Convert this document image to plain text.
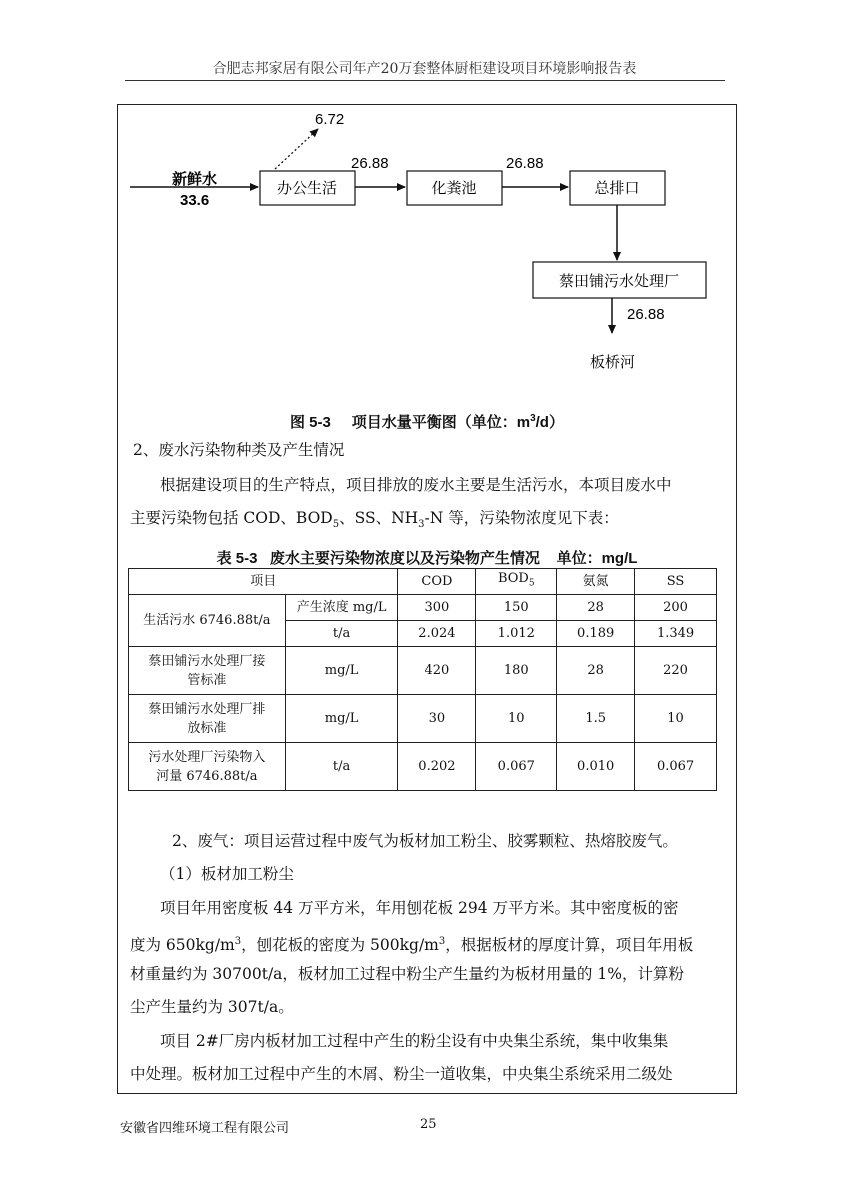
合肥志邦家居有限公司年产20万套整体厨柜建设项目环境影响报告表
新鲜水
33.6
办公生活
6.72
26.88
化粪池
26.88
总排口
蔡田铺污水处理厂
26.88
板桥河
图 5-3 项目水量平衡图（单位：$m^3/d$）
2、废水污染物种类及产生情况
根据建设项目的生产特点，项目排放的废水主要是生活污水，本项目废水中
主要污染物包括 COD、$BOD_5$、SS、$NH_3-N$ 等，污染物浓度见下表：
表 5-3   废水主要污染物浓度以及污染物产生情况    单位：mg/L
项目		COD	$BOD_5$	氨氮	SS
生活污水 6746.88t/a	产生浓度 mg/L	300	150	28	200
	t/a	2.024	1.012	0.189	1.349
蔡田铺污水处理厂接
管标准	mg/L	420	180	28	220
蔡田铺污水处理厂排
放标准	mg/L	30	10	1.5	10
污水处理厂污染物入
河量 6746.88t/a	t/a	0.202	0.067	0.010	0.067
2、废气：项目运营过程中废气为板材加工粉尘、胶雾颗粒、热熔胶废气。
（1）板材加工粉尘
项目年用密度板 44 万平方米，年用刨花板 294 万平方米。其中密度板的密
度为 $650kg/m^3$，刨花板的密度为 $500kg/m^3$，根据板材的厚度计算，项目年用板
材重量约为 30700t/a，板材加工过程中粉尘产生量约为板材用量的 1%，计算粉
尘产生量约为 307t/a。
项目 2#厂房内板材加工过程中产生的粉尘设有中央集尘系统，集中收集集
中处理。板材加工过程中产生的木屑、粉尘一道收集，中央集尘系统采用二级处
安徽省四维环境工程有限公司	25
